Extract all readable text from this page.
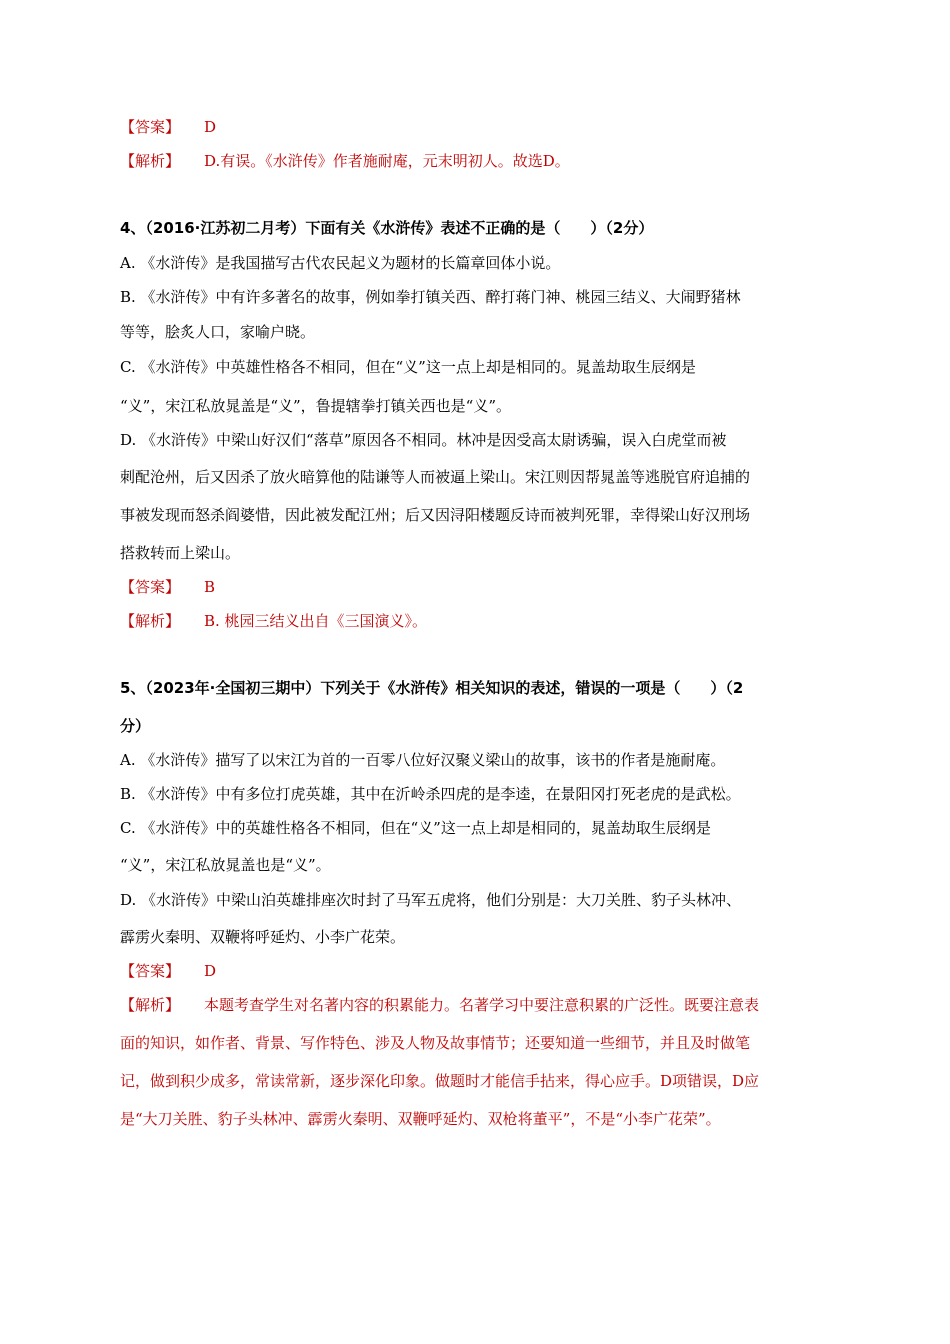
【答案】 D
【解析】 D.有误。《水浒传》作者施耐庵，元末明初人。故选D。
4、（2016·江苏初二月考）下面有关《水浒传》表述不正确的是（　　）（2分）
A. 《水浒传》是我国描写古代农民起义为题材的长篇章回体小说。
B. 《水浒传》中有许多著名的故事，例如拳打镇关西、醉打蒋门神、桃园三结义、大闹野猪林
等等，脍炙人口，家喻户晓。
C. 《水浒传》中英雄性格各不相同，但在“义”这一点上却是相同的。晁盖劫取生辰纲是
“义”，宋江私放晁盖是“义”，鲁提辖拳打镇关西也是“义”。
D. 《水浒传》中梁山好汉们“落草”原因各不相同。林冲是因受高太尉诱骗，误入白虎堂而被
刺配沧州，后又因杀了放火暗算他的陆谦等人而被逼上梁山。宋江则因帮晁盖等逃脱官府追捕的
事被发现而怒杀阎婆惜，因此被发配江州；后又因浔阳楼题反诗而被判死罪，幸得梁山好汉刑场
搭救转而上梁山。
【答案】 B
【解析】 B. 桃园三结义出自《三国演义》。
5、（2023年·全国初三期中）下列关于《水浒传》相关知识的表述，错误的一项是（　　）（2
分）
A. 《水浒传》描写了以宋江为首的一百零八位好汉聚义梁山的故事，该书的作者是施耐庵。
B. 《水浒传》中有多位打虎英雄，其中在沂岭杀四虎的是李逵，在景阳冈打死老虎的是武松。
C. 《水浒传》中的英雄性格各不相同，但在“义”这一点上却是相同的，晁盖劫取生辰纲是
“义”，宋江私放晁盖也是“义”。
D. 《水浒传》中梁山泊英雄排座次时封了马军五虎将，他们分别是：大刀关胜、豹子头林冲、
霹雳火秦明、双鞭将呼延灼、小李广花荣。
【答案】 D
【解析】 本题考查学生对名著内容的积累能力。名著学习中要注意积累的广泛性。既要注意表
面的知识，如作者、背景、写作特色、涉及人物及故事情节；还要知道一些细节，并且及时做笔
记，做到积少成多，常读常新，逐步深化印象。做题时才能信手拈来，得心应手。D项错误，D应
是“大刀关胜、豹子头林冲、霹雳火秦明、双鞭呼延灼、双枪将董平”，不是“小李广花荣”。
